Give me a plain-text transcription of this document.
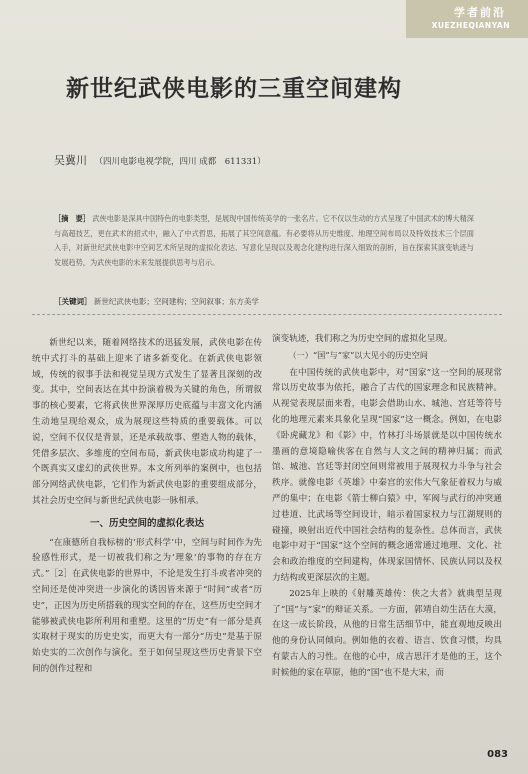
学者前沿
XUEZHEQIANYAN
新世纪武侠电影的三重空间建构
吴冀川 （四川电影电视学院，四川 成都　611331）
［摘　要］ 武侠电影是深具中国特色的电影类型，是展现中国传统美学的一张名片。它不仅以生动的方式呈现了中国武术的博大精深与高超技艺，更在武术的招式中，融入了中式哲思，拓展了其空间意蕴。有必要将从历史维度、地理空间布局以及特效技术三个层面入手，对新世纪武侠电影中空间艺术所呈现的虚拟化表达、写意化呈现以及观念化建构进行深入细致的剖析，旨在探索其演变轨迹与发展趋势，为武侠电影的未来发展提供思考与启示。
［关键词］ 新世纪武侠电影；空间建构；空间叙事；东方美学

新世纪以来，随着网络技术的迅猛发展，武侠电影在传统中式打斗的基础上迎来了诸多新变化。在新武侠电影领域，传统的叙事手法和视觉呈现方式发生了显著且深刻的改变。其中，空间表达在其中扮演着极为关键的角色，所谓叙事的核心要素，它将武侠世界深厚历史底蕴与丰富文化内涵生动地呈现给观众，成为展现这些特质的重要载体。可以说，空间不仅仅是背景，还是承载故事、塑造人物的载体，凭借多层次、多维度的空间布局，新武侠电影成功构建了一个既真实又虚幻的武侠世界。本文所列举的案例中，也包括部分网络武侠电影，它们作为新武侠电影的重要组成部分，其社会历史空间与新世纪武侠电影一脉相承。

一、历史空间的虚拟化表达

“在康德所自我标榜的‘形式科学’中，空间与时间作为先验感性形式，是一切被我们称之为‘理象’的事物的存在方式。”［2］在武侠电影的世界中，不论是发生打斗或者冲突的空间还是使冲突进一步演化的诱因皆来源于“时间”或者“历史”，正因为历史所搭载的现实空间的存在，这些历史空间才能够被武侠电影所利用和重塑。这里的“历史”有一部分是真实取材于现实的历史史实，而更大有一部分“历史”是基于原始史实的二次创作与演化。至于如何呈现这些历史背景下空间的创作过程和

演变轨迹，我们称之为历史空间的虚拟化呈现。

（一）“国”与“家”以大见小的历史空间

在中国传统的武侠电影中，对“国家”这一空间的展现常常以历史故事为依托，融合了古代的国家理念和民族精神。从视觉表现层面来看，电影会借助山水、城池、宫廷等符号化的地理元素来具象化呈现“国家”这一概念。例如，在电影《卧虎藏龙》和《影》中，竹林打斗场景就是以中国传统水墨画的意境隐喻侠客在自然与人文之间的精神归属；而武馆、城池、宫廷等封闭空间则常被用于展现权力斗争与社会秩序。就像电影《英雄》中秦宫的宏伟大气象征着权力与威严的集中；在电影《箭士柳白猿》中，军阀与武行的冲突通过巷道、比武场等空间设计，暗示着国家权力与江湖规则的碰撞，映射出近代中国社会结构的复杂性。总体而言，武侠电影中对于“国家”这个空间的概念通常通过地理、文化、社会和政治维度的空间建构，体现家国情怀、民族认同以及权力结构或更深层次的主题。

2025年上映的《射雕英雄传：侠之大者》就典型呈现了“国”与“家”的辩证关系。一方面，郭靖自幼生活在大漠，在这一成长阶段，从他的日常生活细节中，能直观地反映出他的身份认同倾向。例如他的衣着、语言、饮食习惯，均具有蒙古人的习性。在他的心中，成吉思汗才是他的王，这个时候他的家在草原，他的“国”也不是大宋，而

083
